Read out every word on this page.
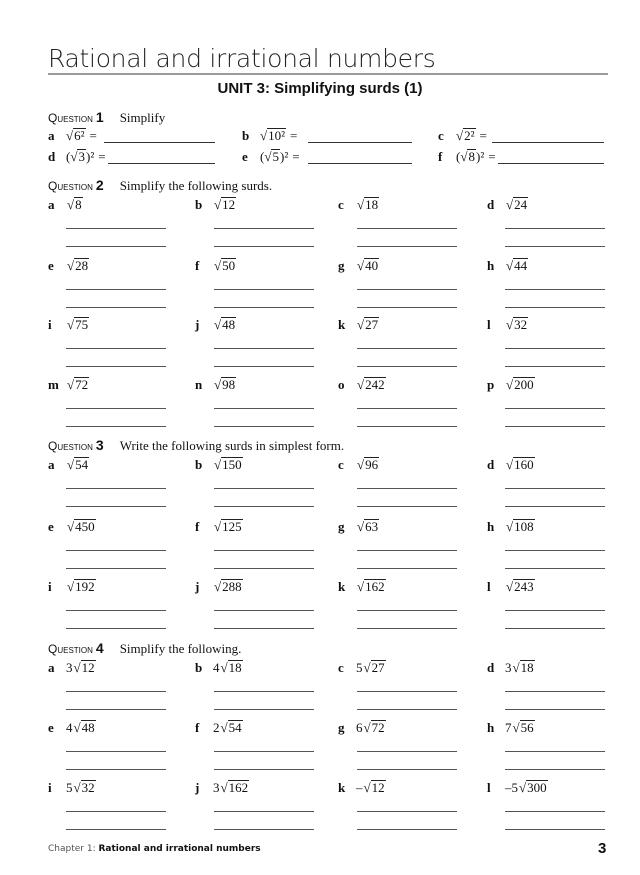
Rational and irrational numbers
UNIT 3: Simplifying surds (1)
Question 1 Simplify
a √ 6² =	b √ 10² =	c √ 2² =
d ( √ 3 )² =	e ( √ 5 )² =	f	( √ 8 )² =
Question 2 Simplify the following surds.
a √ 8	b √ 12	c	√ 18	d √ 24
e	√ 28	f	√ 50	g √ 40	h √ 44
i	√ 75	j	√ 48	k √ 27	l	√ 32
m √ 72	n √ 98	o √ 242	p √ 200
Question 3 Write the following surds in simplest form.
a √ 54	b √ 150	c	√ 96	d √ 160
e	√ 450	f	√ 125	g √ 63	h √ 108
i	√ 192	j	√ 288	k √ 162	l	√ 243
Question 4 Simplify the following.
a 3 √ 12	b 4 √ 18	c 5 √ 27	d 3 √ 18
e 4 √ 48	f	2 √ 54	g 6 √ 72	h 7 √ 56
i	5 √ 32	j	3 √ 162	k – √ 12	l	–5 √ 300
Chapter 1: Rational and irrational numbers	3
